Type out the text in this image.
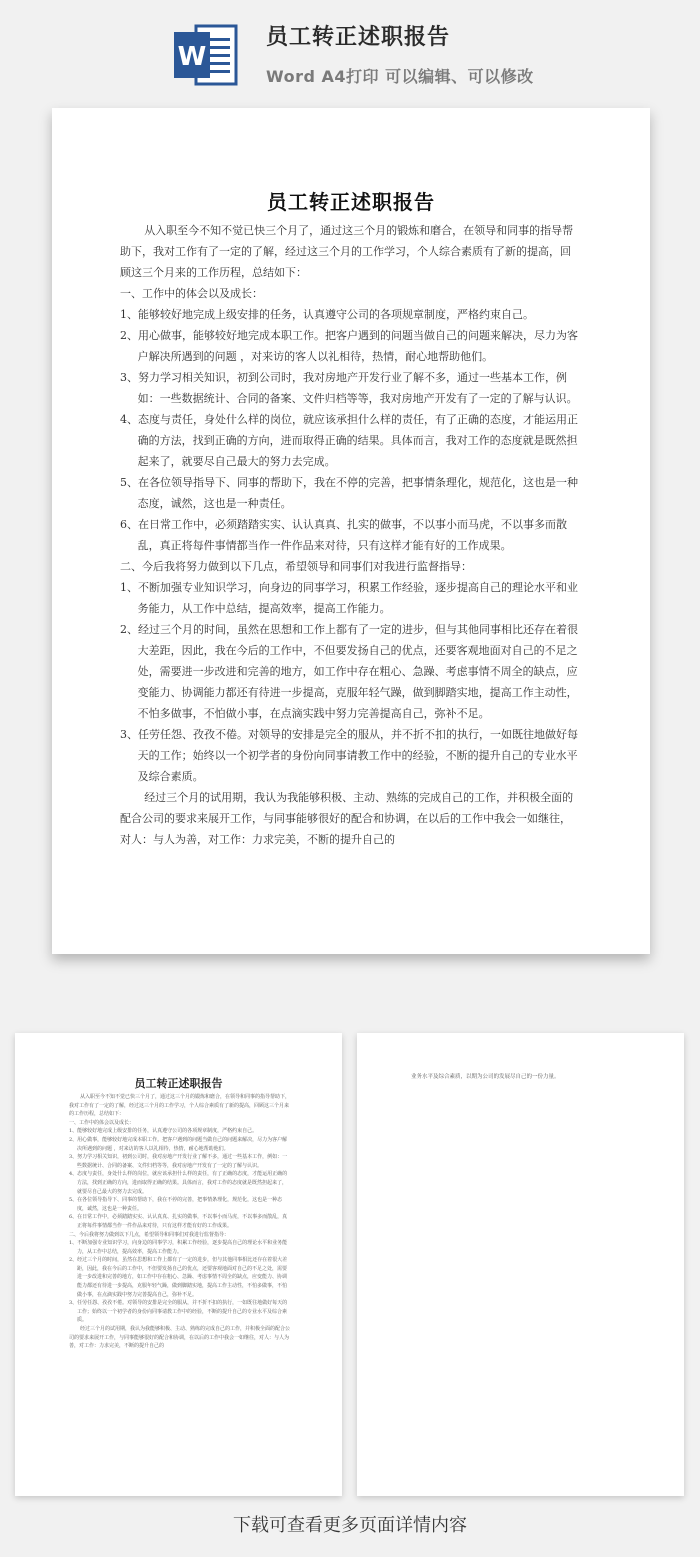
W
员工转正述职报告
Word A4打印 可以编辑、可以修改
员工转正述职报告

从入职至今不知不觉已快三个月了，通过这三个月的锻炼和磨合，在领导和同事的指导帮助下，我对工作有了一定的了解，经过这三个月的工作学习，个人综合素质有了新的提高，回顾这三个月来的工作历程，总结如下：

一、工作中的体会以及成长：

1、能够较好地完成上级安排的任务，认真遵守公司的各项规章制度，严格约束自己。

2、用心做事，能够较好地完成本职工作。把客户遇到的问题当做自己的问题来解决，尽力为客户解决所遇到的问题 ，对来访的客人以礼相待，热情，耐心地帮助他们。

3、努力学习相关知识，初到公司时，我对房地产开发行业了解不多，通过一些基本工作，例如：一些数据统计、合同的备案、文件归档等等，我对房地产开发有了一定的了解与认识。

4、态度与责任，身处什么样的岗位，就应该承担什么样的责任，有了正确的态度，才能运用正确的方法，找到正确的方向，进而取得正确的结果。具体而言，我对工作的态度就是既然担起来了，就要尽自己最大的努力去完成。

5、在各位领导指导下、同事的帮助下，我在不停的完善，把事情条理化，规范化，这也是一种态度，诚然，这也是一种责任。

6、在日常工作中，必须踏踏实实、认认真真、扎实的做事，不以事小而马虎，不以事多而散乱，真正将每件事情都当作一件作品来对待，只有这样才能有好的工作成果。

二、今后我将努力做到以下几点，希望领导和同事们对我进行监督指导：

1、不断加强专业知识学习，向身边的同事学习，积累工作经验，逐步提高自己的理论水平和业务能力，从工作中总结，提高效率，提高工作能力。

2、经过三个月的时间，虽然在思想和工作上都有了一定的进步，但与其他同事相比还存在着很大差距，因此，我在今后的工作中，不但要发扬自己的优点，还要客观地面对自己的不足之处，需要进一步改进和完善的地方，如工作中存在粗心、急躁、考虑事情不周全的缺点，应变能力、协调能力都还有待进一步提高，克服年轻气躁，做到脚踏实地，提高工作主动性，不怕多做事，不怕做小事，在点滴实践中努力完善提高自己，弥补不足。

3、任劳任怨、孜孜不倦。对领导的安排是完全的服从，并不折不扣的执行，一如既往地做好每天的工作；始终以一个初学者的身份向同事请教工作中的经验，不断的提升自己的专业水平及综合素质。

经过三个月的试用期，我认为我能够积极、主动、熟练的完成自己的工作，并积极全面的配合公司的要求来展开工作，与同事能够很好的配合和协调，在以后的工作中我会一如继往，对人：与人为善，对工作：力求完美，不断的提升自己的

员工转正述职报告

从入职至今不知不觉已快三个月了，通过这三个月的锻炼和磨合，在领导和同事的指导帮助下，我对工作有了一定的了解，经过这三个月的工作学习，个人综合素质有了新的提高，回顾这三个月来的工作历程，总结如下：

一、工作中的体会以及成长：

1、能够较好地完成上级安排的任务，认真遵守公司的各项规章制度，严格约束自己。

2、用心做事，能够较好地完成本职工作。把客户遇到的问题当做自己的问题来解决，尽力为客户解决所遇到的问题 ，对来访的客人以礼相待，热情，耐心地帮助他们。

3、努力学习相关知识，初到公司时，我对房地产开发行业了解不多，通过一些基本工作，例如：一些数据统计、合同的备案、文件归档等等，我对房地产开发有了一定的了解与认识。

4、态度与责任，身处什么样的岗位，就应该承担什么样的责任，有了正确的态度，才能运用正确的方法，找到正确的方向，进而取得正确的结果。具体而言，我对工作的态度就是既然担起来了，就要尽自己最大的努力去完成。

5、在各位领导指导下、同事的帮助下，我在不停的完善，把事情条理化，规范化，这也是一种态度，诚然，这也是一种责任。

6、在日常工作中，必须踏踏实实、认认真真、扎实的做事，不以事小而马虎，不以事多而散乱，真正将每件事情都当作一件作品来对待，只有这样才能有好的工作成果。

二、今后我将努力做到以下几点，希望领导和同事们对我进行监督指导：

1、不断加强专业知识学习，向身边的同事学习，积累工作经验，逐步提高自己的理论水平和业务能力，从工作中总结，提高效率，提高工作能力。

2、经过三个月的时间，虽然在思想和工作上都有了一定的进步，但与其他同事相比还存在着很大差距，因此，我在今后的工作中，不但要发扬自己的优点，还要客观地面对自己的不足之处，需要进一步改进和完善的地方，如工作中存在粗心、急躁、考虑事情不周全的缺点，应变能力、协调能力都还有待进一步提高，克服年轻气躁，做到脚踏实地，提高工作主动性，不怕多做事，不怕做小事，在点滴实践中努力完善提高自己，弥补不足。

3、任劳任怨、孜孜不倦。对领导的安排是完全的服从，并不折不扣的执行，一如既往地做好每天的工作；始终以一个初学者的身份向同事请教工作中的经验，不断的提升自己的专业水平及综合素质。

经过三个月的试用期，我认为我能够积极、主动、熟练的完成自己的工作，并积极全面的配合公司的要求来展开工作，与同事能够很好的配合和协调，在以后的工作中我会一如继往，对人：与人为善，对工作：力求完美，不断的提升自己的

业务水平及综合素质，以期为公司的发展尽自己的一份力量。
下载可查看更多页面详情内容
